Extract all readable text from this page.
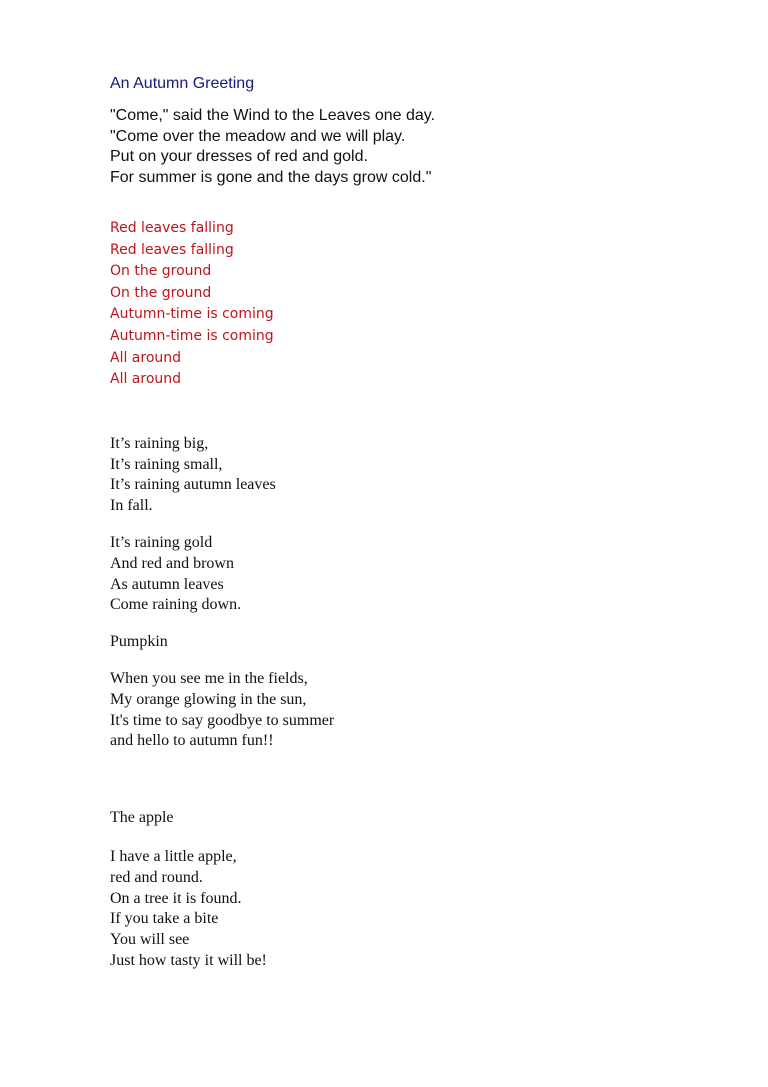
An Autumn Greeting
"Come," said the Wind to the Leaves one day.
"Come over the meadow and we will play.
Put on your dresses of red and gold.
For summer is gone and the days grow cold."
Red leaves falling
Red leaves falling
On the ground
On the ground
Autumn-time is coming
Autumn-time is coming
All around
All around
It’s raining big,
It’s raining small,
It’s raining autumn leaves
In fall.
It’s raining gold
And red and brown
As autumn leaves
Come raining down.
Pumpkin
When you see me in the fields,
My orange glowing in the sun,
It's time to say goodbye to summer
and hello to autumn fun!!
The apple
I have a little apple,
red and round.
On a tree it is found.
If you take a bite
You will see
Just how tasty it will be!
